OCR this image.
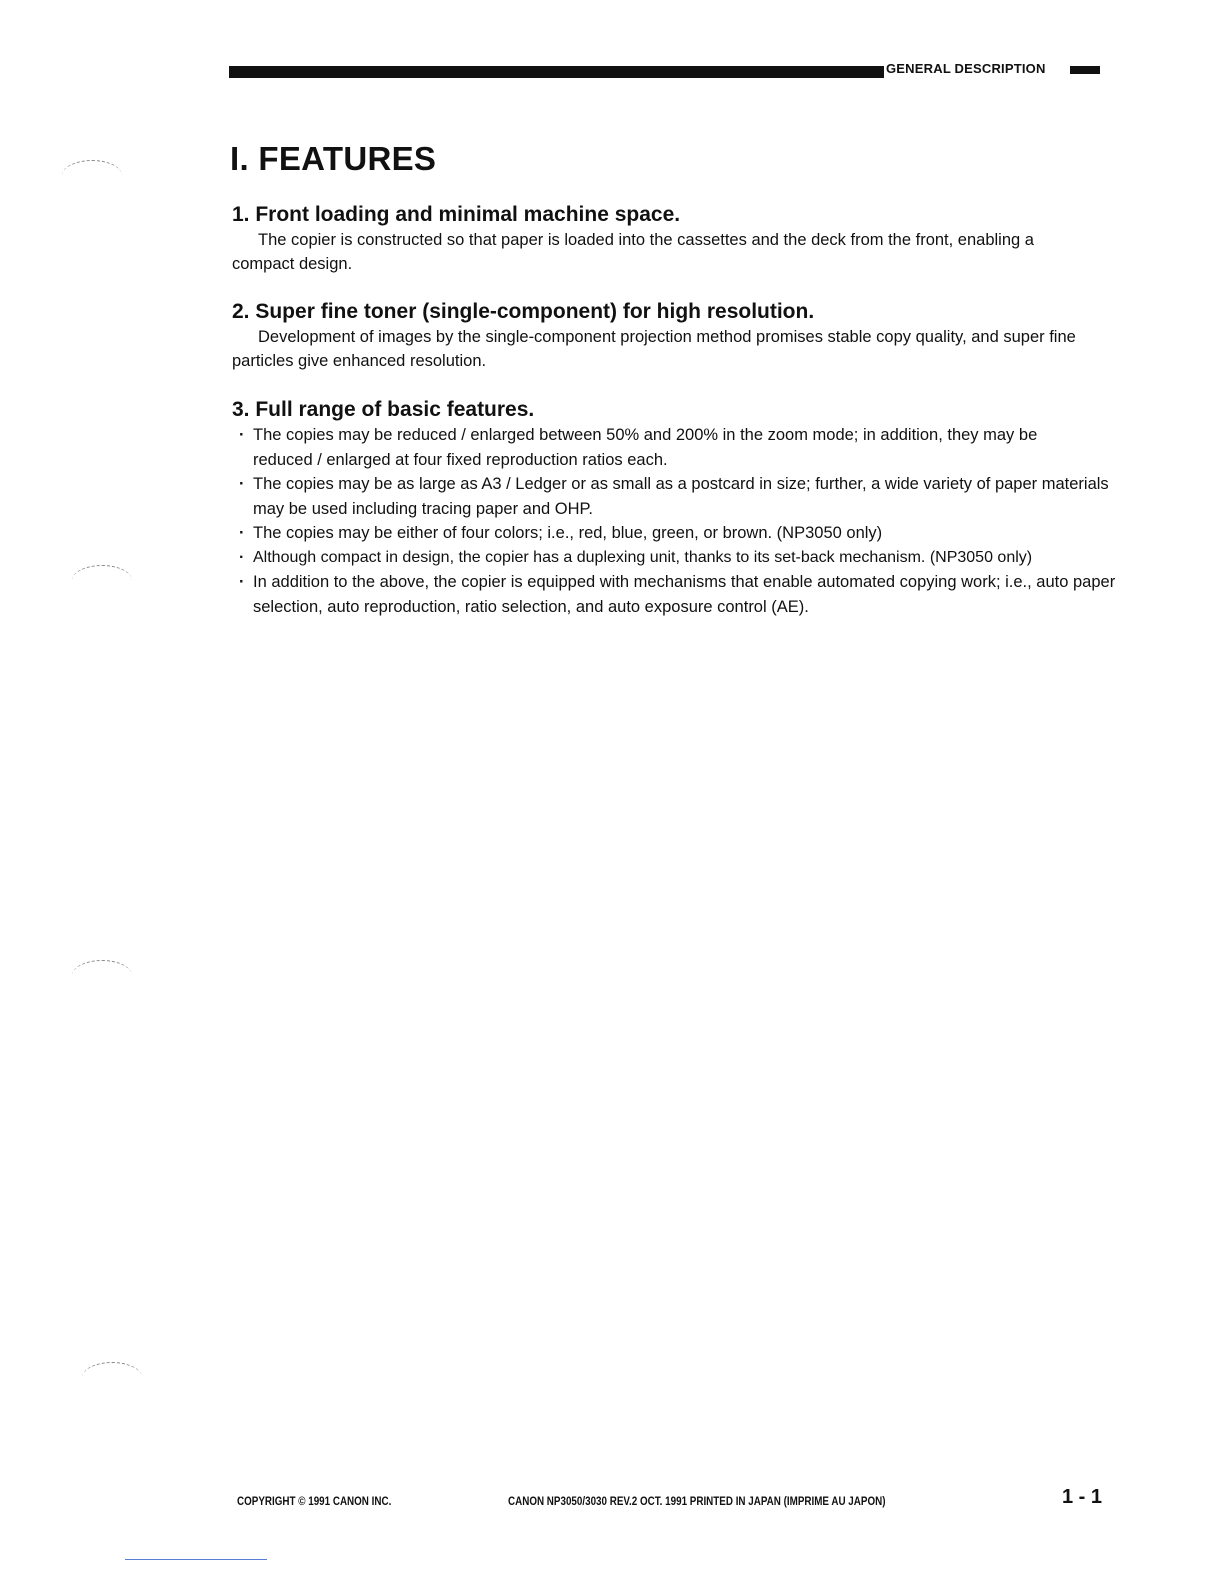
GENERAL DESCRIPTION
I. FEATURES
1. Front loading and minimal machine space.

The copier is constructed so that paper is loaded into the cassettes and the deck from the front, enabling a compact design.

2. Super fine toner (single-component) for high resolution.

Development of images by the single-component projection method promises stable copy quality, and super fine particles give enhanced resolution.

3. Full range of basic features.
· The copies may be reduced / enlarged between 50% and 200% in the zoom mode; in addition, they may be reduced / enlarged at four fixed reproduction ratios each.
· The copies may be as large as A3 / Ledger or as small as a postcard in size; further, a wide variety of paper materials may be used including tracing paper and OHP.
· The copies may be either of four colors; i.e., red, blue, green, or brown. (NP3050 only)
· Although compact in design, the copier has a duplexing unit, thanks to its set-back mechanism. (NP3050 only)
· In addition to the above, the copier is equipped with mechanisms that enable automated copying work; i.e., auto paper selection, auto reproduction, ratio selection, and auto exposure control (AE).
COPYRIGHT © 1991 CANON INC.	CANON NP3050/3030 REV.2 OCT. 1991 PRINTED IN JAPAN (IMPRIME AU JAPON)	1 - 1
